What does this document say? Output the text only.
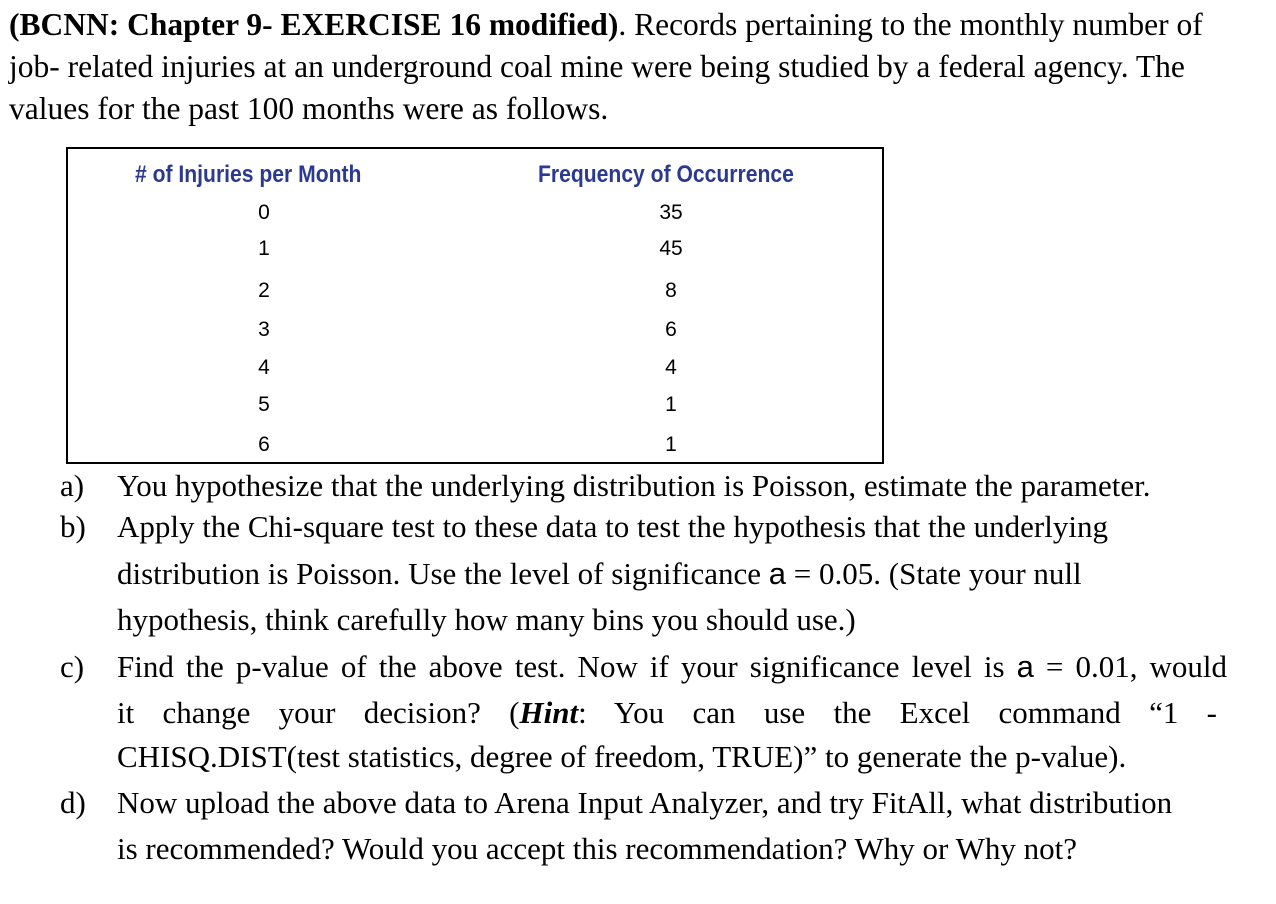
(BCNN: Chapter 9- EXERCISE 16 modified). Records pertaining to the monthly number of job- related injuries at an underground coal mine were being studied by a federal agency. The values for the past 100 months were as follows.
# of Injuries per Month	Frequency of Occurrence
0	35
1	45
2	8
3	6
4	4
5	1
6	1
a) You hypothesize that the underlying distribution is Poisson, estimate the parameter.
b) Apply the Chi-square test to these data to test the hypothesis that the underlying
distribution is Poisson. Use the level of significance a = 0.05. (State your null
hypothesis, think carefully how many bins you should use.)
c) Find the p-value of the above test. Now if your significance level is a = 0.01, would
it change your decision? (Hint: You can use the Excel command “1 -
CHISQ.DIST(test statistics, degree of freedom, TRUE)” to generate the p-value).
d) Now upload the above data to Arena Input Analyzer, and try FitAll, what distribution
is recommended? Would you accept this recommendation? Why or Why not?
